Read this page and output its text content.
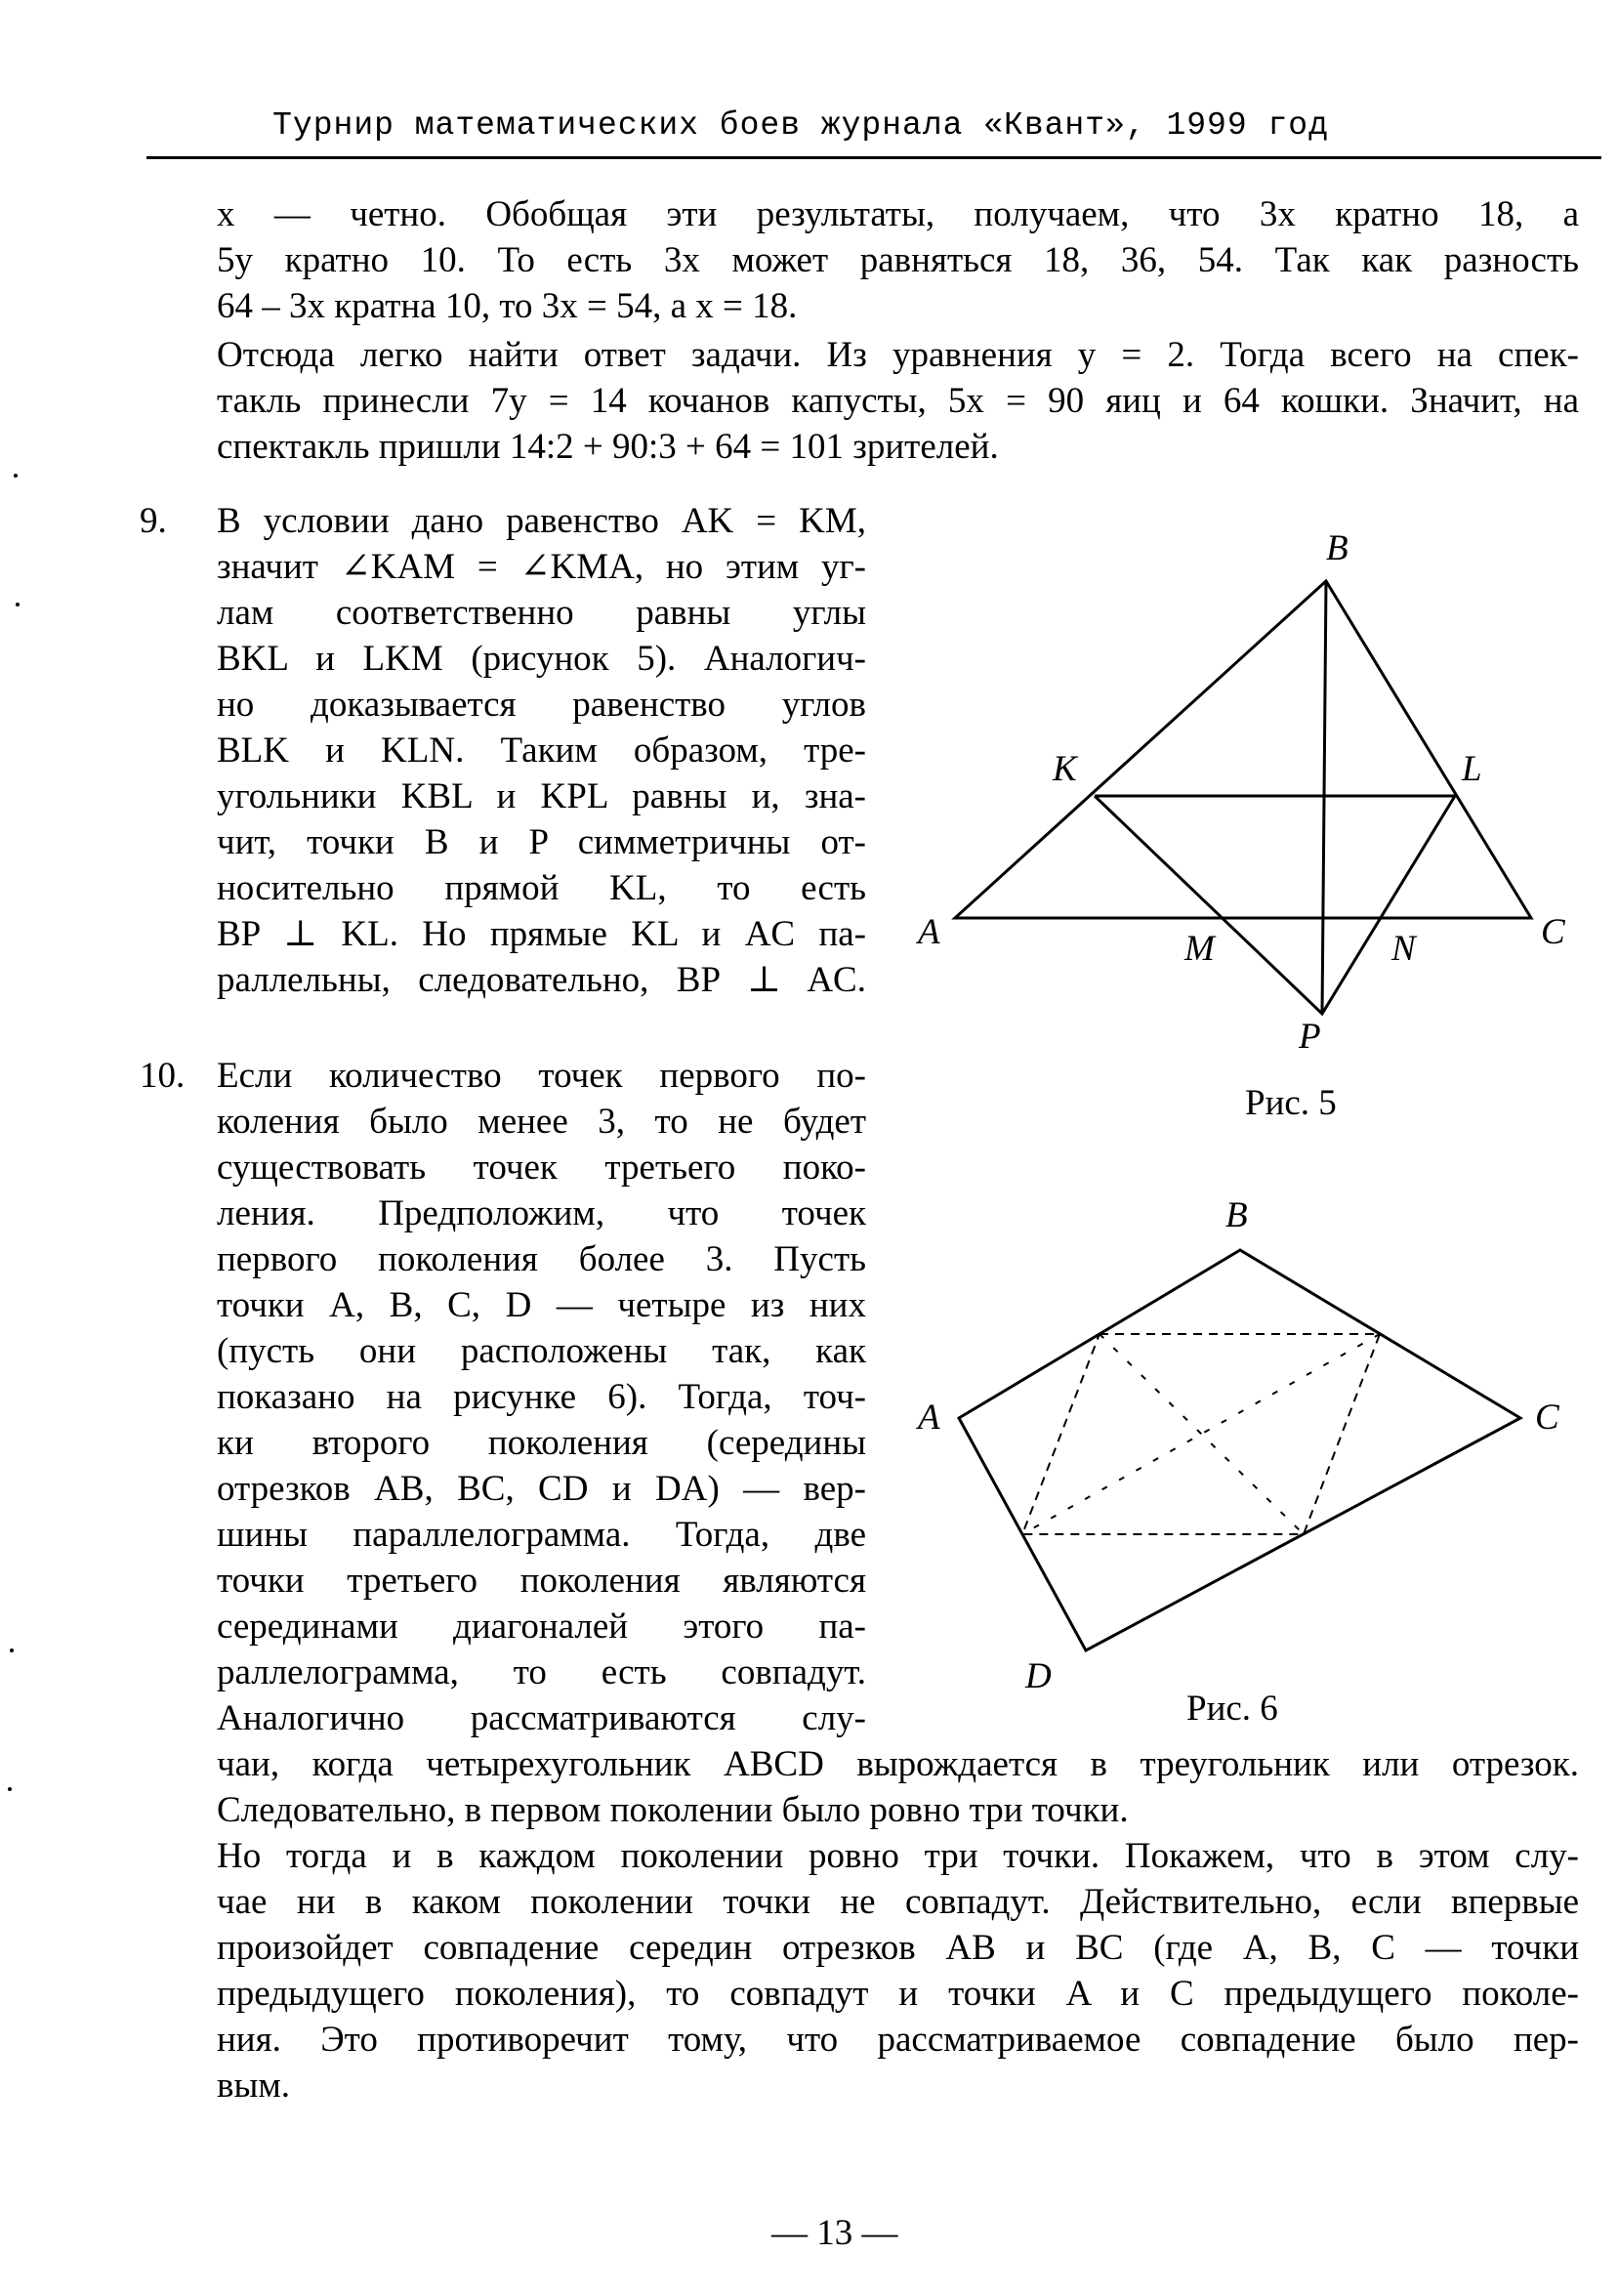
Турнир математических боев журнала «Квант», 1999 год
x — четно. Обобщая эти результаты, получаем, что 3x кратно 18, а
5y кратно 10. То есть 3x может равняться 18, 36, 54. Так как разность
64 – 3x кратна 10, то 3x = 54, а x = 18.
Отсюда легко найти ответ задачи. Из уравнения y = 2. Тогда всего на спек-
такль принесли 7y = 14 кочанов капусты, 5x = 90 яиц и 64 кошки. Значит, на
спектакль пришли 14:2 + 90:3 + 64 = 101 зрителей.
9. В условии дано равенство AK = KM,
значит ∠KAM = ∠KMA, но этим уг-
лам соответственно равны углы
BKL и LKM (рисунок 5). Аналогич-
но доказывается равенство углов
BLK и KLN. Таким образом, тре-
угольники KBL и KPL равны и, зна-
чит, точки B и P симметричны от-
носительно прямой KL, то есть
BP ⊥ KL. Но прямые KL и AC па-
раллельны, следовательно, BP ⊥ AC.
10. Если количество точек первого по-
коления было менее 3, то не будет
существовать точек третьего поко-
ления. Предположим, что точек
первого поколения более 3. Пусть
точки A, B, C, D — четыре из них
(пусть они расположены так, как
показано на рисунке 6). Тогда, точ-
ки второго поколения (середины
отрезков AB, BC, CD и DA) — вер-
шины параллелограмма. Тогда, две
точки третьего поколения являются
серединами диагоналей этого па-
раллелограмма, то есть совпадут.
Аналогично рассматриваются слу-
чаи, когда четырехугольник ABCD вырождается в треугольник или отрезок.
Следовательно, в первом поколении было ровно три точки.
Но тогда и в каждом поколении ровно три точки. Покажем, что в этом слу-
чае ни в каком поколении точки не совпадут. Действительно, если впервые
произойдет совпадение середин отрезков AB и BC (где A, B, C — точки
предыдущего поколения), то совпадут и точки A и C предыдущего поколе-
ния. Это противоречит тому, что рассматриваемое совпадение было пер-
вым.
B
K	L
A	M	N	C
P
Рис. 5
B
A	C
D
Рис. 6
— 13 —
